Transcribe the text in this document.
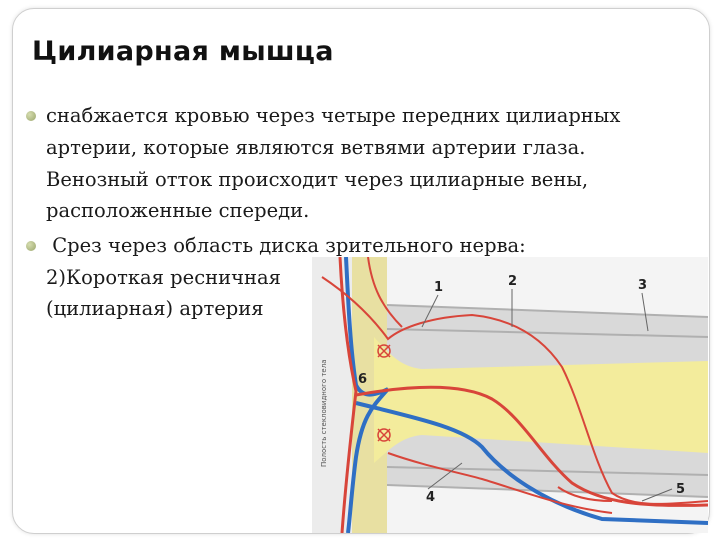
Цилиарная мышца
снабжается кровью через четыре передних цилиарных
артерии, которые являются ветвями артерии глаза.
Венозный отток происходит через цилиарные вены,
расположенные спереди.
Срез через область диска зрительного нерва:
2)Короткая ресничная
(цилиарная) артерия
Полость стекловидного тела
1	2	3
4
5
6
